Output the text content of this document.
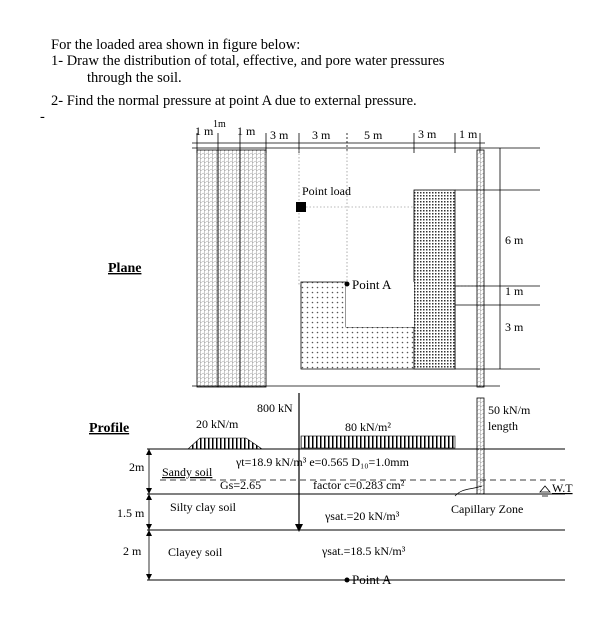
For the loaded area shown in figure below:
1- Draw the distribution of total, effective, and pore water pressures
through the soil.
2- Find the normal pressure at point A due to external pressure.
-
1 m 1m 1 m 3 m 3 m	5 m	3 m 1 m
Point load
Point A
6 m
1 m
3 m
Plane
Profile	20 kN/m
800 kN
80 kN/m²
50 kN/m
length
W.T
Capillary Zone
2m Sandy soil
γt=18.9 kN/m³ e=0.565 D₁₀=1.0mm
Gs=2.65	factor c=0.283 cm²
1.5 m Silty clay soil
γsat.=20 kN/m³
2 m Clayey soil	γsat.=18.5 kN/m³
Point A
